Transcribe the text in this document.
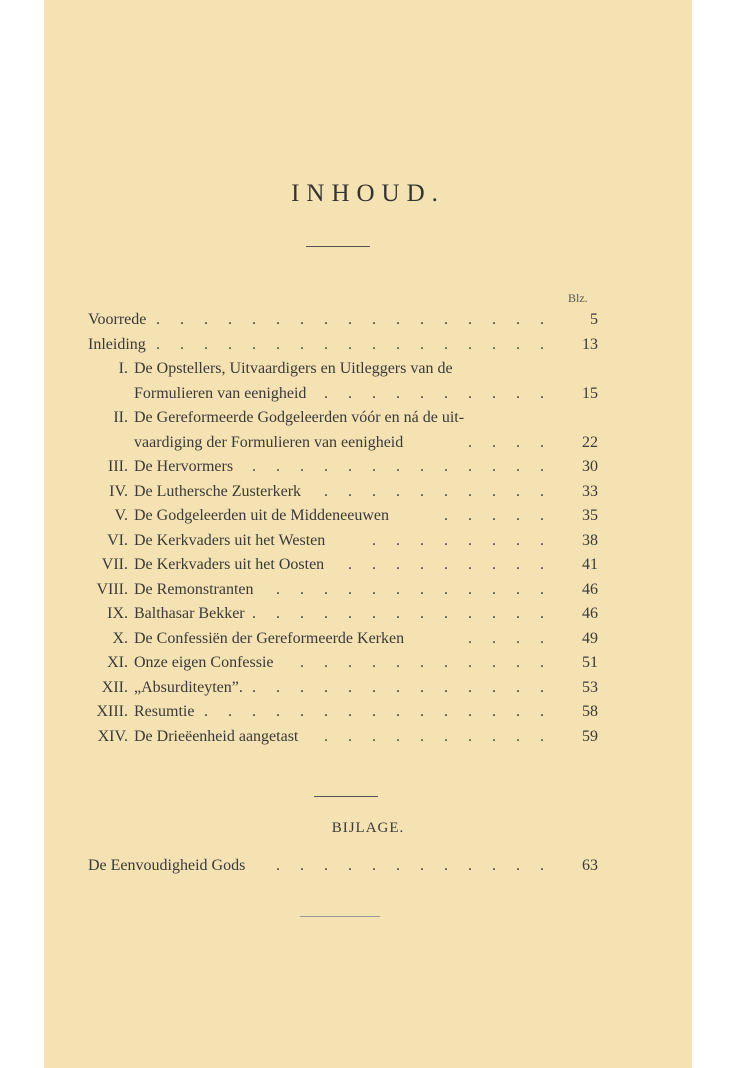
INHOUD.
Blz.
Voorrede . . . . . . . . . . . . . . . . .	5
Inleiding . . . . . . . . . . . . . . . . .	13
I. De Opstellers, Uitvaardigers en Uitleggers van de
Formulieren van eenigheid . . . . . . . . . .	15
II. De Gereformeerde Godgeleerden vóór en ná de uit-
vaardiging der Formulieren van eenigheid	. . . .	22
III. De Hervormers . . . . . . . . . . . . .	30
IV. De Luthersche Zusterkerk . . . . . . . . . .	33
V. De Godgeleerden uit de Middeneeuwen	. . . . .	35
VI. De Kerkvaders uit het Westen	. . . . . . . .	38
VII. De Kerkvaders uit het Oosten . . . . . . . . .	41
VIII. De Remonstranten . . . . . . . . . . . .	46
IX. Balthasar Bekker . . . . . . . . . . . . .	46
X. De Confessiën der Gereformeerde Kerken	. . . .	49
XI. Onze eigen Confessie . . . . . . . . . . .	51
XII. „Absurditeyten”. . . . . . . . . . . . . .	53
XIII. Resumtie . . . . . . . . . . . . . . .	58
XIV. De Drieëenheid aangetast . . . . . . . . . .	59
BIJLAGE.
De Eenvoudigheid Gods . . . . . . . . . . . .	63
